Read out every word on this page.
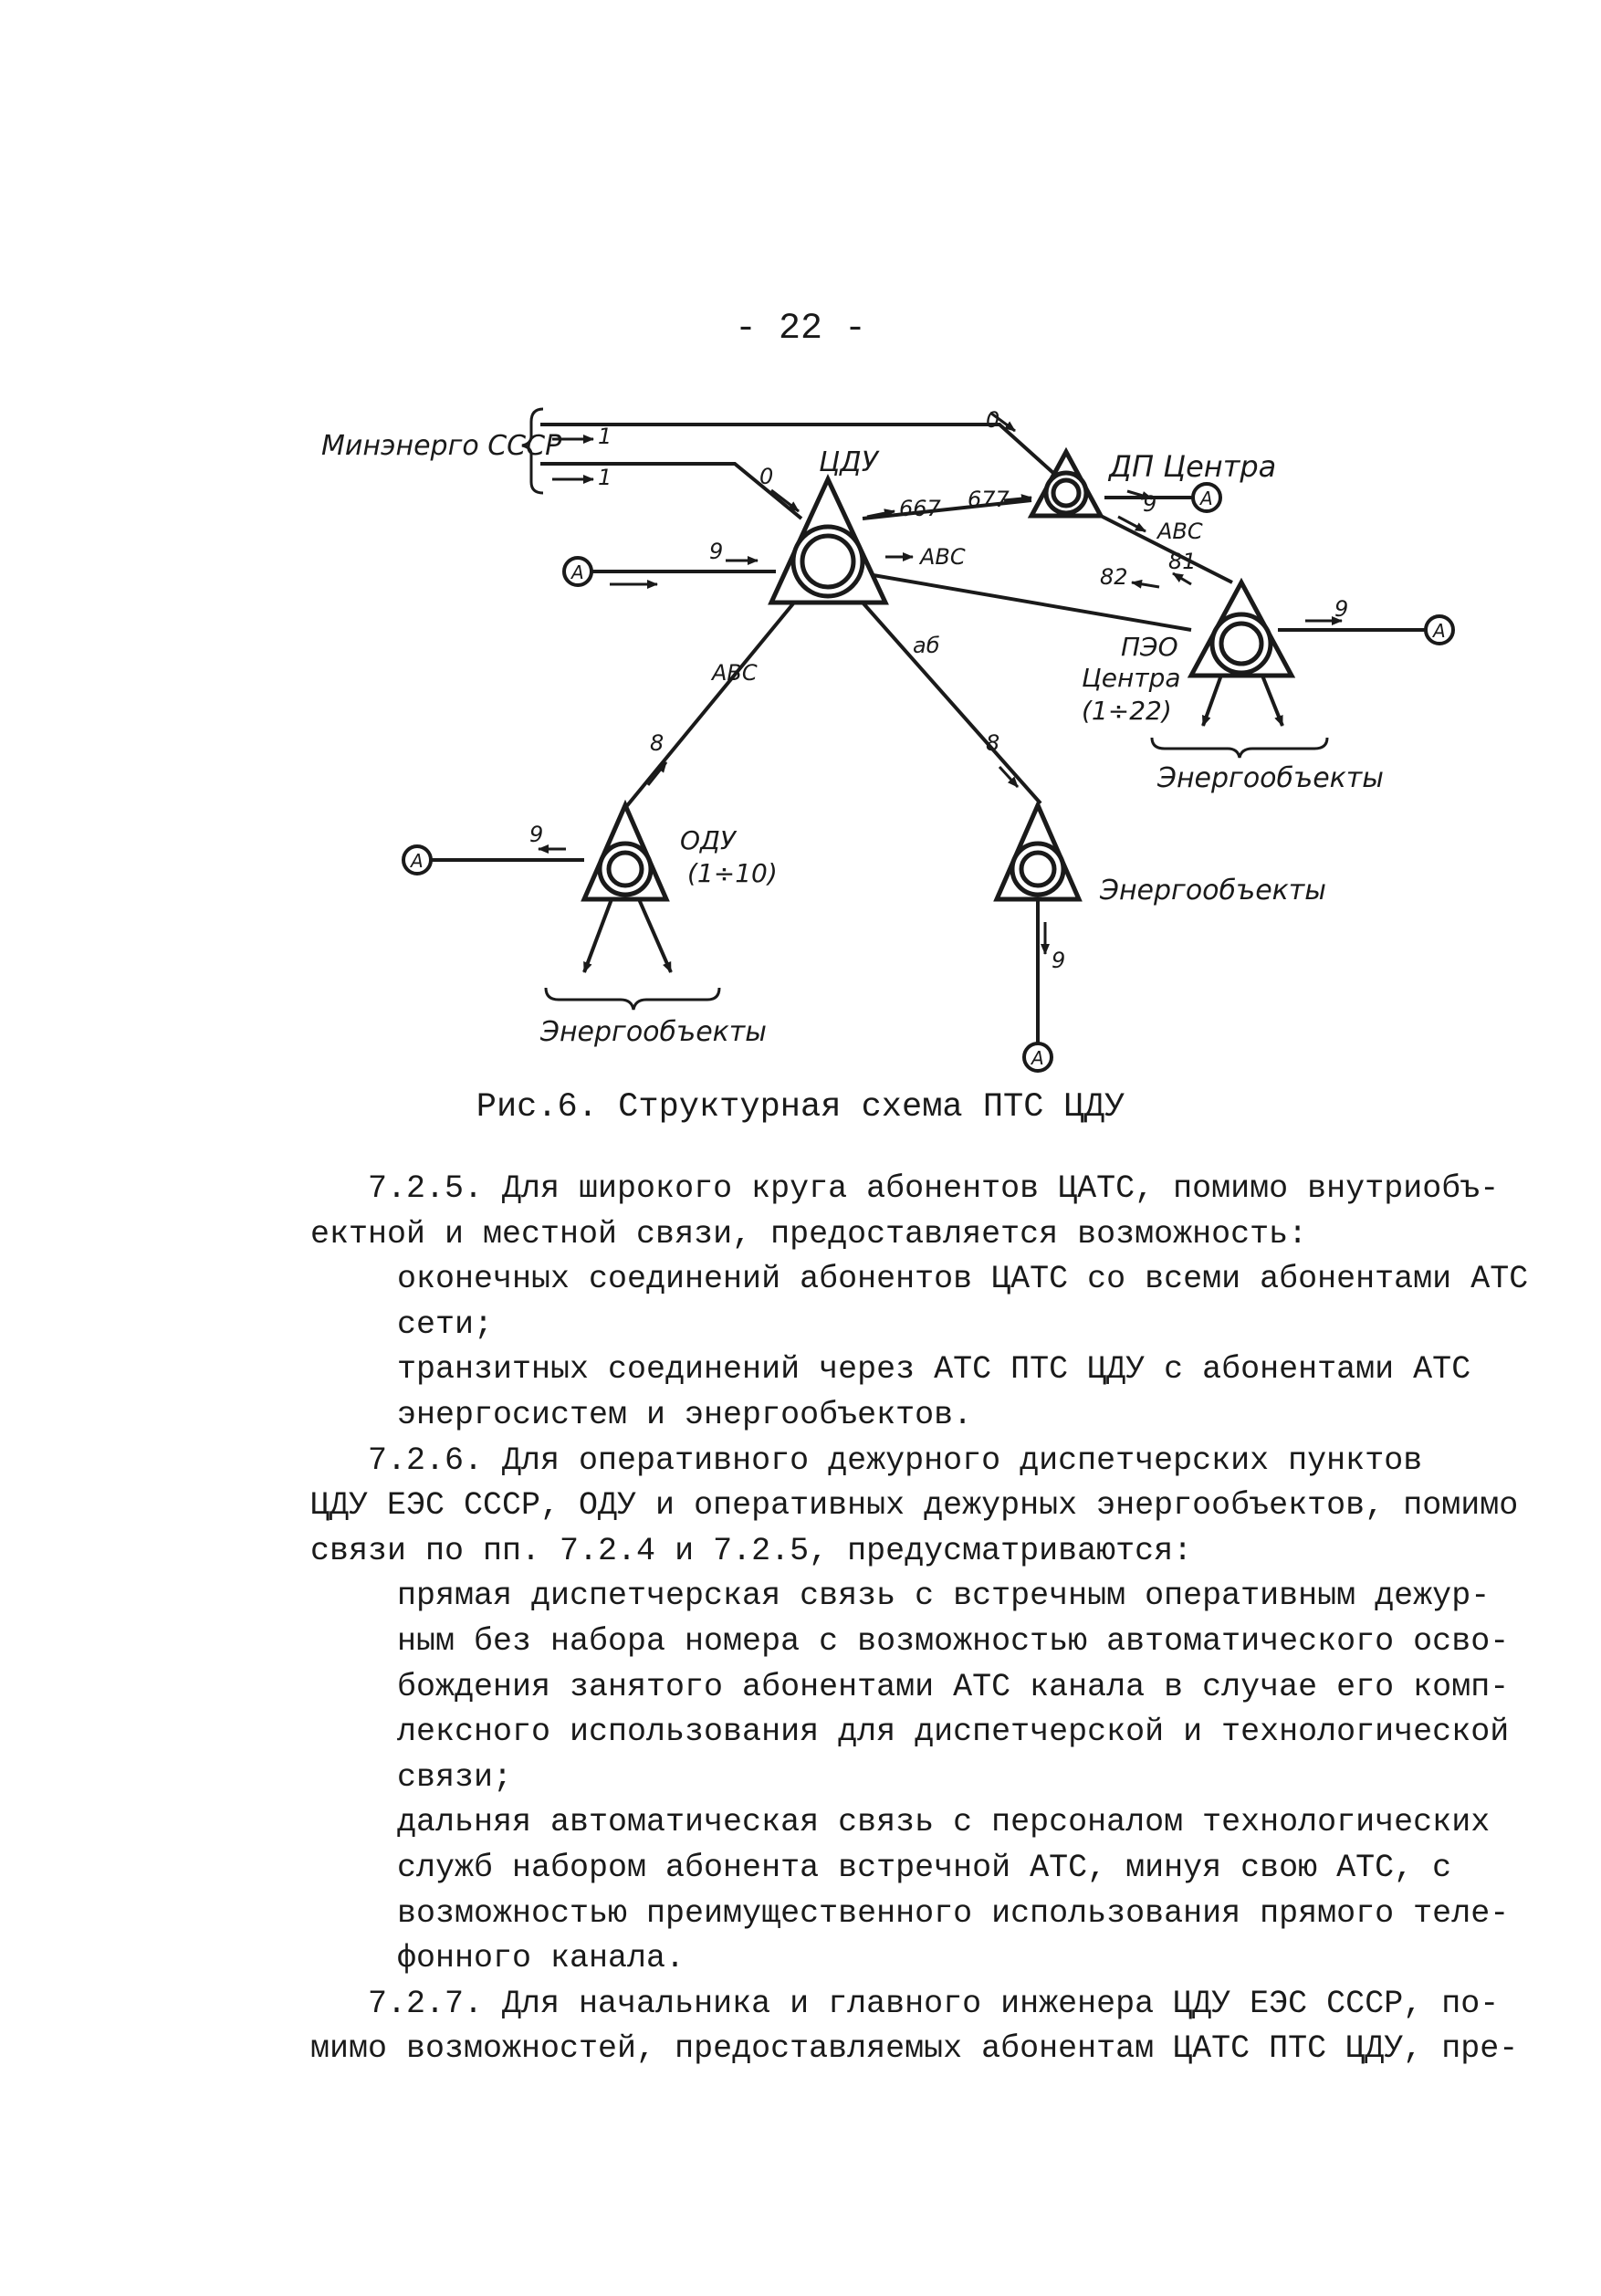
- 22 -
A
A
A
A
A
ЦДУ	ДП Центра
Минэнерго СССР
ПЭО
Центра
(1÷22)
ОДУ
(1÷10)
Энергообъекты
Энергообъекты
Энергообъекты
1
1	0
0
667 677	9
АВС
81
82
АВС
9
9
АВС
8
аб
8
9
9
Рис.6. Структурная схема ПТС ЦДУ

7.2.5. Для широкого круга абонентов ЦАТС, помимо внутриобъ-

ектной и местной связи, предоставляется возможность:

оконечных соединений абонентов ЦАТС со всеми абонентами АТС

сети;

транзитных соединений через АТС ПТС ЦДУ с абонентами АТС

энергосистем и энергообъектов.

7.2.6. Для оперативного дежурного диспетчерских пунктов

ЦДУ ЕЭС СССР, ОДУ и оперативных дежурных энергообъектов, помимо

связи по пп. 7.2.4 и 7.2.5, предусматриваются:

прямая диспетчерская связь с встречным оперативным дежур-

ным без набора номера с возможностью автоматического осво-

бождения занятого абонентами АТС канала в случае его комп-

лексного использования для диспетчерской и технологической

связи;

дальняя автоматическая связь с персоналом технологических

служб набором абонента встречной АТС, минуя свою АТС, с

возможностью преимущественного использования прямого теле-

фонного канала.

7.2.7. Для начальника и главного инженера ЦДУ ЕЭС СССР, по-

мимо возможностей, предоставляемых абонентам ЦАТС ПТС ЦДУ, пре-
